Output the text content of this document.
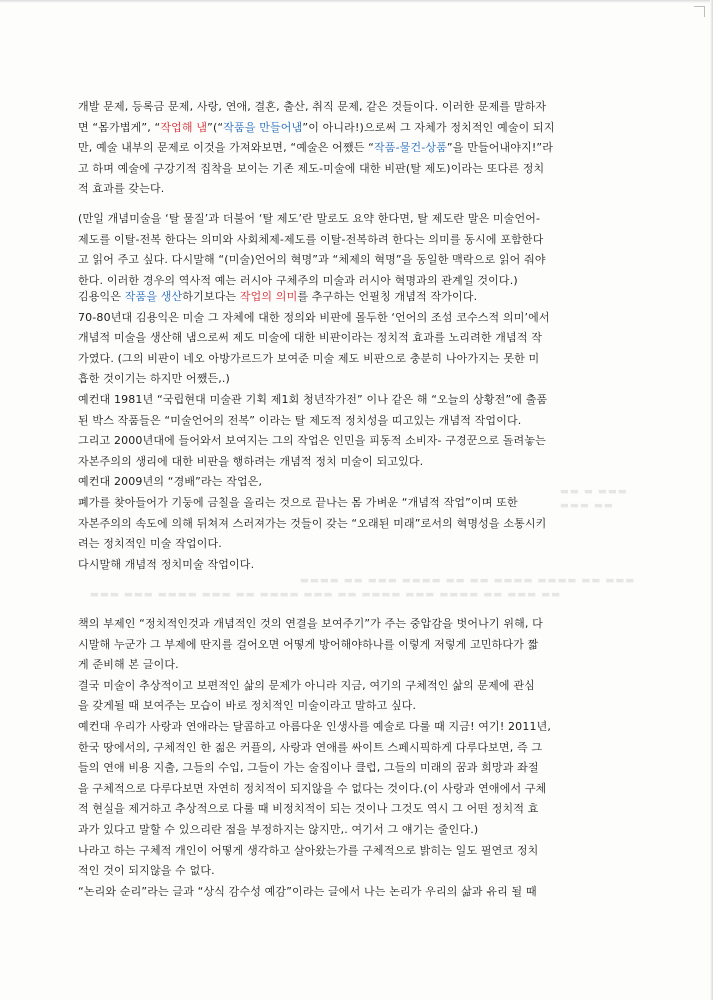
▬▬ ▬ ▬▬▬
▬▬▬ ▬▬
▬▬▬▬ ▬▬ ▬▬▬ ▬▬▬▬ ▬▬ ▬▬ ▬▬▬▬ ▬▬▬▬ ▬▬ ▬▬▬
▬▬▬ ▬▬▬ ▬▬▬▬ ▬▬▬ ▬▬ ▬▬▬▬ ▬▬▬ ▬▬ ▬▬▬▬ ▬▬▬ ▬▬▬▬ ▬▬ ▬▬▬ ▬▬
개발 문제, 등록금 문제, 사랑, 연애, 결혼, 출산, 취직 문제, 같은 것들이다. 이러한 문제를 말하자
면 “몸가볍게”, “작업해 냄”(“작품을 만들어냄”이 아니라!)으로써 그 자체가 정치적인 예술이 되지
만, 예술 내부의 문제로 이것을 가져와보면, “예술은 어쨌든 “작품-물건-상품”을 만들어내야지!”라
고 하며 예술에 구강기적 집착을 보이는 기존 제도-미술에 대한 비판(탈 제도)이라는 또다른 정치
적 효과를 갖는다.
(만일 개념미술을 ‘탈 물질’과 더불어 ‘탈 제도’란 말로도 요약 한다면, 탈 제도란 말은 미술언어-
제도를 이탈-전복 한다는 의미와 사회체제-제도를 이탈-전복하려 한다는 의미를 동시에 포함한다
고 읽어 주고 싶다. 다시말해 “(미술)언어의 혁명”과 “체제의 혁명”을 동일한 맥락으로 읽어 줘야
한다. 이러한 경우의 역사적 예는 러시아 구체주의 미술과 러시아 혁명과의 관계일 것이다.)
김용익은 작품을 생산하기보다는 작업의 의미를 추구하는 언필칭 개념적 작가이다.
70-80년대 김용익은 미술 그 자체에 대한 정의와 비판에 몰두한 ‘언어의 조섬 코수스적 의미’에서
개념적 미술을 생산해 냄으로써 제도 미술에 대한 비판이라는 정치적 효과를 노리려한 개념적 작
가였다. (그의 비판이 네오 아방가르드가 보여준 미술 제도 비판으로 충분히 나아가지는 못한 미
흡한 것이기는 하지만 어쨌든,.)
예컨대 1981년 “국립현대 미술관 기획 제1회 청년작가전” 이나 같은 해 “오늘의 상황전”에 출품
된 박스 작품들은 “미술언어의 전복” 이라는 탈 제도적 정치성을 띠고있는 개념적 작업이다.
그리고 2000년대에 들어와서 보여지는 그의 작업은 인민을 피동적 소비자- 구경꾼으로 돌려놓는
자본주의의 생리에 대한 비판을 행하려는 개념적 정치 미술이 되고있다.
예컨대 2009년의 “경배”라는 작업은,
폐가를 찾아들어가 기둥에 금칠을 올리는 것으로 끝나는 몸 가벼운 “개념적 작업”이며 또한
자본주의의 속도에 의해 뒤쳐져 스러져가는 것들이 갖는 “오래된 미래”로서의 혁명성을 소통시키
려는 정치적인 미술 작업이다.
다시말해 개념적 정치미술 작업이다.
책의 부제인 “정치적인것과 개념적인 것의 연결을 보여주기”가 주는 중압감을 벗어나기 위해, 다
시말해 누군가 그 부제에 딴지를 걸어오면 어떻게 방어해야하나를 이렇게 저렇게 고민하다가 짧
게 준비해 본 글이다.
결국 미술이 추상적이고 보편적인 삶의 문제가 아니라 지금, 여기의 구체적인 삶의 문제에 관심
을 갖게될 때 보여주는 모습이 바로 정치적인 미술이라고 말하고 싶다.
예컨대 우리가 사랑과 연애라는 달콤하고 아름다운 인생사를 예술로 다룰 때 지금! 여기! 2011년,
한국 땅에서의, 구체적인 한 젊은 커플의, 사랑과 연애를 싸이트 스페시픽하게 다루다보면, 즉 그
들의 연애 비용 지출, 그들의 수입, 그들이 가는 술집이나 클럽, 그들의 미래의 꿈과 희망과 좌절
을 구체적으로 다루다보면 자연히 정치적이 되지않을 수 없다는 것이다.(이 사랑과 연애에서 구체
적 현실을 제거하고 추상적으로 다룰 때 비정치적이 되는 것이나 그것도 역시 그 어떤 정치적 효
과가 있다고 말할 수 있으리란 점을 부정하지는 않지만,. 여기서 그 얘기는 줄인다.)
나라고 하는 구체적 개인이 어떻게 생각하고 살아왔는가를 구체적으로 밝히는 일도 필연코 정치
적인 것이 되지않을 수 없다.
“논리와 순리”라는 글과 “상식 감수성 예감”이라는 글에서 나는 논리가 우리의 삶과 유리 될 때
